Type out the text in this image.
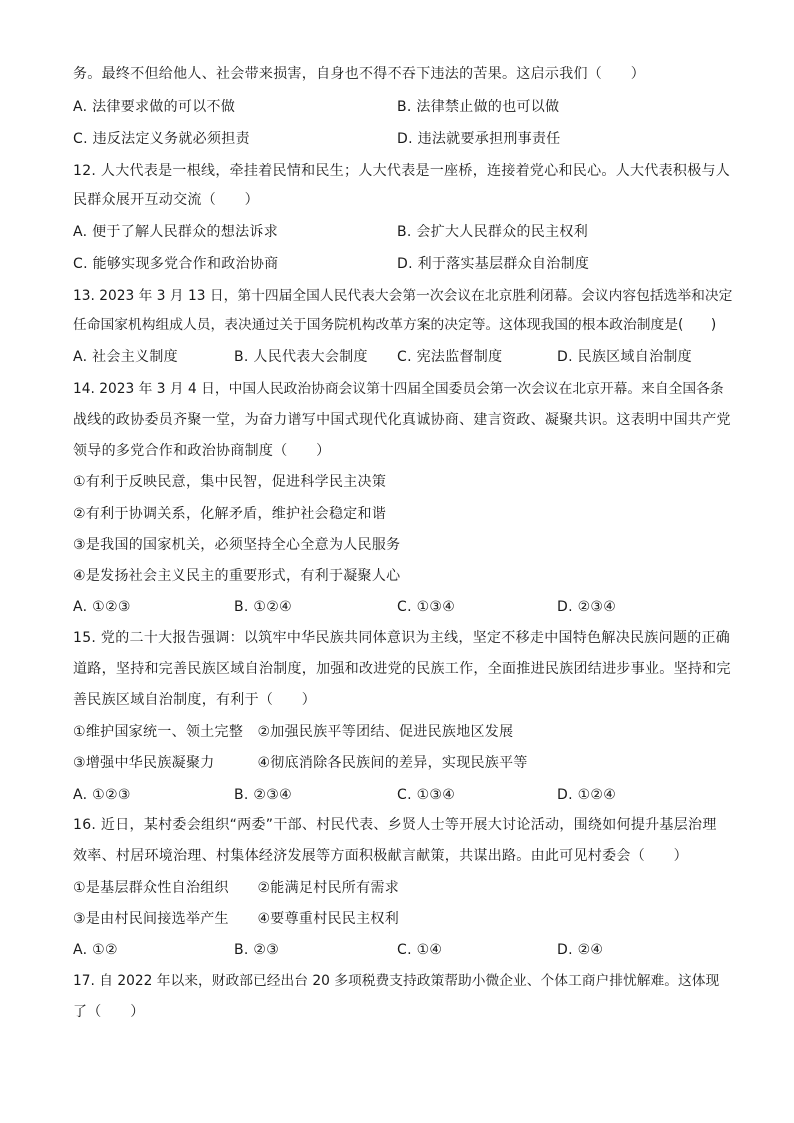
务。最终不但给他人、社会带来损害，自身也不得不吞下违法的苦果。这启示我们（　　）
A. 法律要求做的可以不做	B. 法律禁止做的也可以做
C. 违反法定义务就必须担责	D. 违法就要承担刑事责任
12. 人大代表是一根线，牵挂着民情和民生；人大代表是一座桥，连接着党心和民心。人大代表积极与人
民群众展开互动交流（　　）
A. 便于了解人民群众的想法诉求	B. 会扩大人民群众的民主权利
C. 能够实现多党合作和政治协商	D. 利于落实基层群众自治制度
13. 2023 年 3 月 13 日，第十四届全国人民代表大会第一次会议在北京胜利闭幕。会议内容包括选举和决定
任命国家机构组成人员，表决通过关于国务院机构改革方案的决定等。这体现我国的根本政治制度是(　　)
A. 社会主义制度	B. 人民代表大会制度 C. 宪法监督制度	D. 民族区域自治制度
14. 2023 年 3 月 4 日，中国人民政治协商会议第十四届全国委员会第一次会议在北京开幕。来自全国各条
战线的政协委员齐聚一堂，为奋力谱写中国式现代化真诚协商、建言资政、凝聚共识。这表明中国共产党
领导的多党合作和政治协商制度（　　）
①有利于反映民意，集中民智，促进科学民主决策
②有利于协调关系，化解矛盾，维护社会稳定和谐
③是我国的国家机关，必须坚持全心全意为人民服务
④是发扬社会主义民主的重要形式，有利于凝聚人心
A. ①②③	B. ①②④	C. ①③④	D. ②③④
15. 党的二十大报告强调：以筑牢中华民族共同体意识为主线，坚定不移走中国特色解决民族问题的正确
道路，坚持和完善民族区域自治制度，加强和改进党的民族工作，全面推进民族团结进步事业。坚持和完
善民族区域自治制度，有利于（　　）
①维护国家统一、领土完整　②加强民族平等团结、促进民族地区发展
③增强中华民族凝聚力　　　④彻底消除各民族间的差异，实现民族平等
A. ①②③	B. ②③④	C. ①③④	D. ①②④
16. 近日，某村委会组织“两委”干部、村民代表、乡贤人士等开展大讨论活动，围绕如何提升基层治理
效率、村居环境治理、村集体经济发展等方面积极献言献策，共谋出路。由此可见村委会（　　）
①是基层群众性自治组织　　②能满足村民所有需求
③是由村民间接选举产生　　④要尊重村民民主权利
A. ①②	B. ②③	C. ①④	D. ②④
17. 自 2022 年以来，财政部已经出台 20 多项税费支持政策帮助小微企业、个体工商户排忧解难。这体现
了（　　）
